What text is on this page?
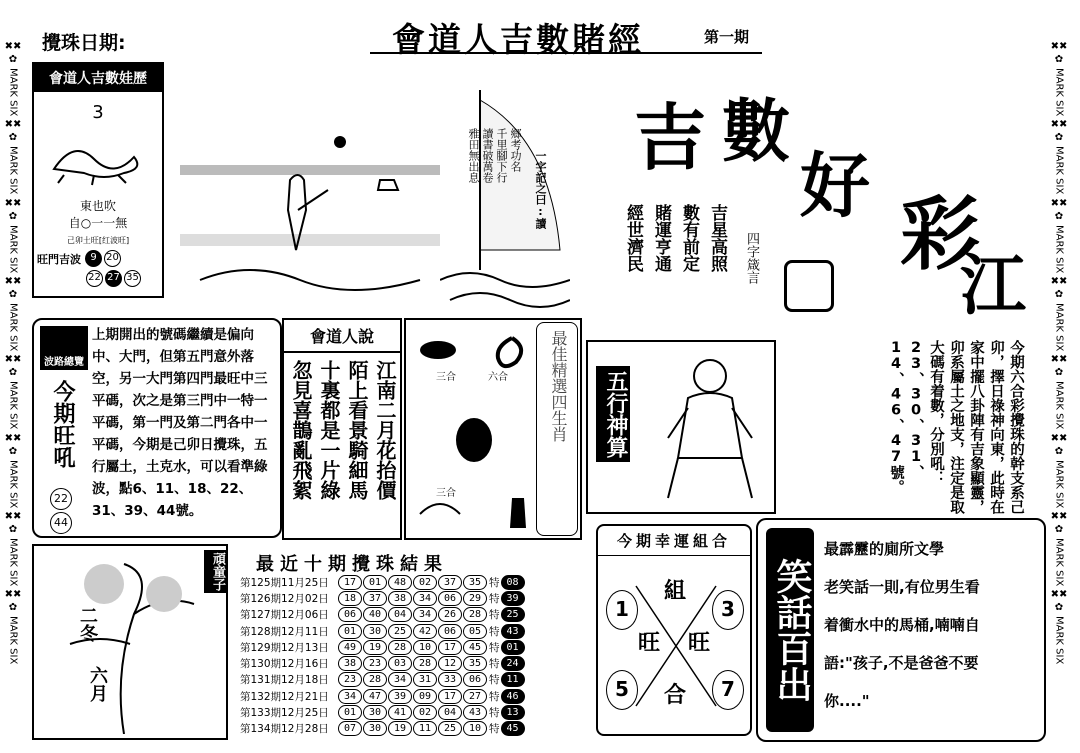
✖✖
✿
MARK SIX
✖✖
✿
MARK SIX
✖✖
✿
MARK SIX
✖✖
✿
MARK SIX
✖✖
✿
MARK SIX
✖✖
✿
MARK SIX
✖✖
✿
MARK SIX
✖✖
✿
MARK SIX
✖✖
✿
MARK SIX
✖✖
✿
MARK SIX
✖✖
✿
MARK SIX
✖✖
✿
MARK SIX
✖✖
✿
MARK SIX
✖✖
✿
MARK SIX
✖✖
✿
MARK SIX
✖✖
✿
MARK SIX
攪珠日期:	會道人吉數賭經	第一期
會道人吉數娃歷
3
東也吹
自○一一無
己卯土旺[红波旺]
旺門吉波 9 20
22 27 35
讀書破萬卷 千里腳下行 鄉考功名
雅田無出息	一字記之曰:讀
吉 數
好
彩
江
四字箴言
吉星高照
數有前定
賭運亨通
經世濟民
波路總覽
今期旺吼
22
44
上期開出的號碼繼續是偏向中、大門，但第五門意外落空，另一大門第四門最旺中三平碼，次之是第三門中一特一平碼，第一門及第二門各中一平碼，今期是己卯日攪珠，五行屬土，土克水，可以看準綠波，點6、11、18、22、31、39、44號。
會道人說
江南二月花抬價
陌上看景騎細馬
十裏都是一片綠
忽見喜鵲亂飛絮	三合	六合
三合
最佳精選四生肖	五行神算	今期六合彩攪珠的幹支系己卯，擇日祿神向東，此時在家中擺八卦陣有吉象顯靈，卯系屬土之地支，注定是取大碼有着數，分別吼：23、30、31、14、46、47號。
今期幸運組合
1	3
5	7
組
旺 旺
合 笑話百出
最霹靂的廁所文學
老笑話一則,有位男生看
着衝水中的馬桶,喃喃自
語:"孩子,不是爸爸不要
你...."
頑童子
二冬
六月
最近十期攪珠結果
第125期11月25日	17	01	48	02	37	35 特 08
第126期12月02日	18	37	38	34	06	29 特 39
第127期12月06日	06	40	04	34	26	28 特 25
第128期12月11日	01	30	25	42	06	05 特 43
第129期12月13日	49	19	28	10	17	45 特 01
第130期12月16日	38	23	03	28	12	35 特 24
第131期12月18日	23	28	34	31	33	06 特 11
第132期12月21日	34	47	39	09	17	27 特 46
第133期12月25日	01	30	41	02	04	43 特 13
第134期12月28日	07	30	19	11	25	10 特 45
